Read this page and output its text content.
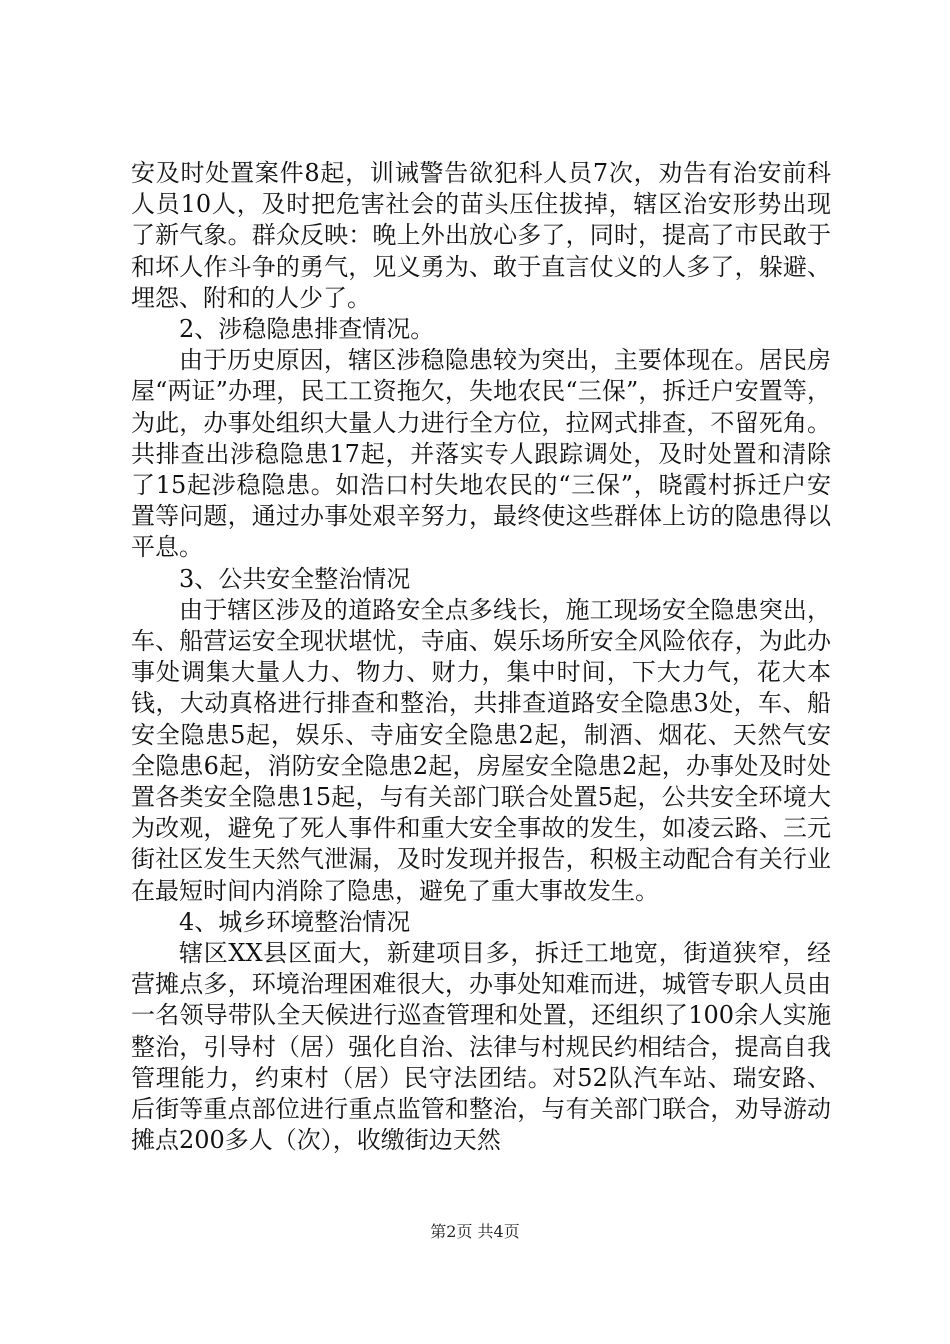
安及时处置案件8起，训诫警告欲犯科人员7次，劝告有治安前科人员10人，及时把危害社会的苗头压住拔掉，辖区治安形势出现了新气象。群众反映：晚上外出放心多了，同时，提高了市民敢于和坏人作斗争的勇气，见义勇为、敢于直言仗义的人多了，躲避、埋怨、附和的人少了。

2、涉稳隐患排查情况。

由于历史原因，辖区涉稳隐患较为突出，主要体现在。居民房屋“两证”办理，民工工资拖欠，失地农民“三保”，拆迁户安置等，为此，办事处组织大量人力进行全方位，拉网式排查，不留死角。共排查出涉稳隐患17起，并落实专人跟踪调处，及时处置和清除了15起涉稳隐患。如浩口村失地农民的“三保”，晓霞村拆迁户安置等问题，通过办事处艰辛努力，最终使这些群体上访的隐患得以平息。

3、公共安全整治情况

由于辖区涉及的道路安全点多线长，施工现场安全隐患突出，车、船营运安全现状堪忧，寺庙、娱乐场所安全风险依存，为此办事处调集大量人力、物力、财力，集中时间，下大力气，花大本钱，大动真格进行排查和整治，共排查道路安全隐患3处，车、船安全隐患5起，娱乐、寺庙安全隐患2起，制酒、烟花、天然气安全隐患6起，消防安全隐患2起，房屋安全隐患2起，办事处及时处置各类安全隐患15起，与有关部门联合处置5起，公共安全环境大为改观，避免了死人事件和重大安全事故的发生，如凌云路、三元街社区发生天然气泄漏，及时发现并报告，积极主动配合有关行业在最短时间内消除了隐患，避免了重大事故发生。

4、城乡环境整治情况

辖区XX县区面大，新建项目多，拆迁工地宽，街道狭窄，经营摊点多，环境治理困难很大，办事处知难而进，城管专职人员由一名领导带队全天候进行巡查管理和处置，还组织了100余人实施整治，引导村（居）强化自治、法律与村规民约相结合，提高自我管理能力，约束村（居）民守法团结。对52队汽车站、瑞安路、后街等重点部位进行重点监管和整治，与有关部门联合，劝导游动摊点200多人（次），收缴街边天然

第2页 共4页
